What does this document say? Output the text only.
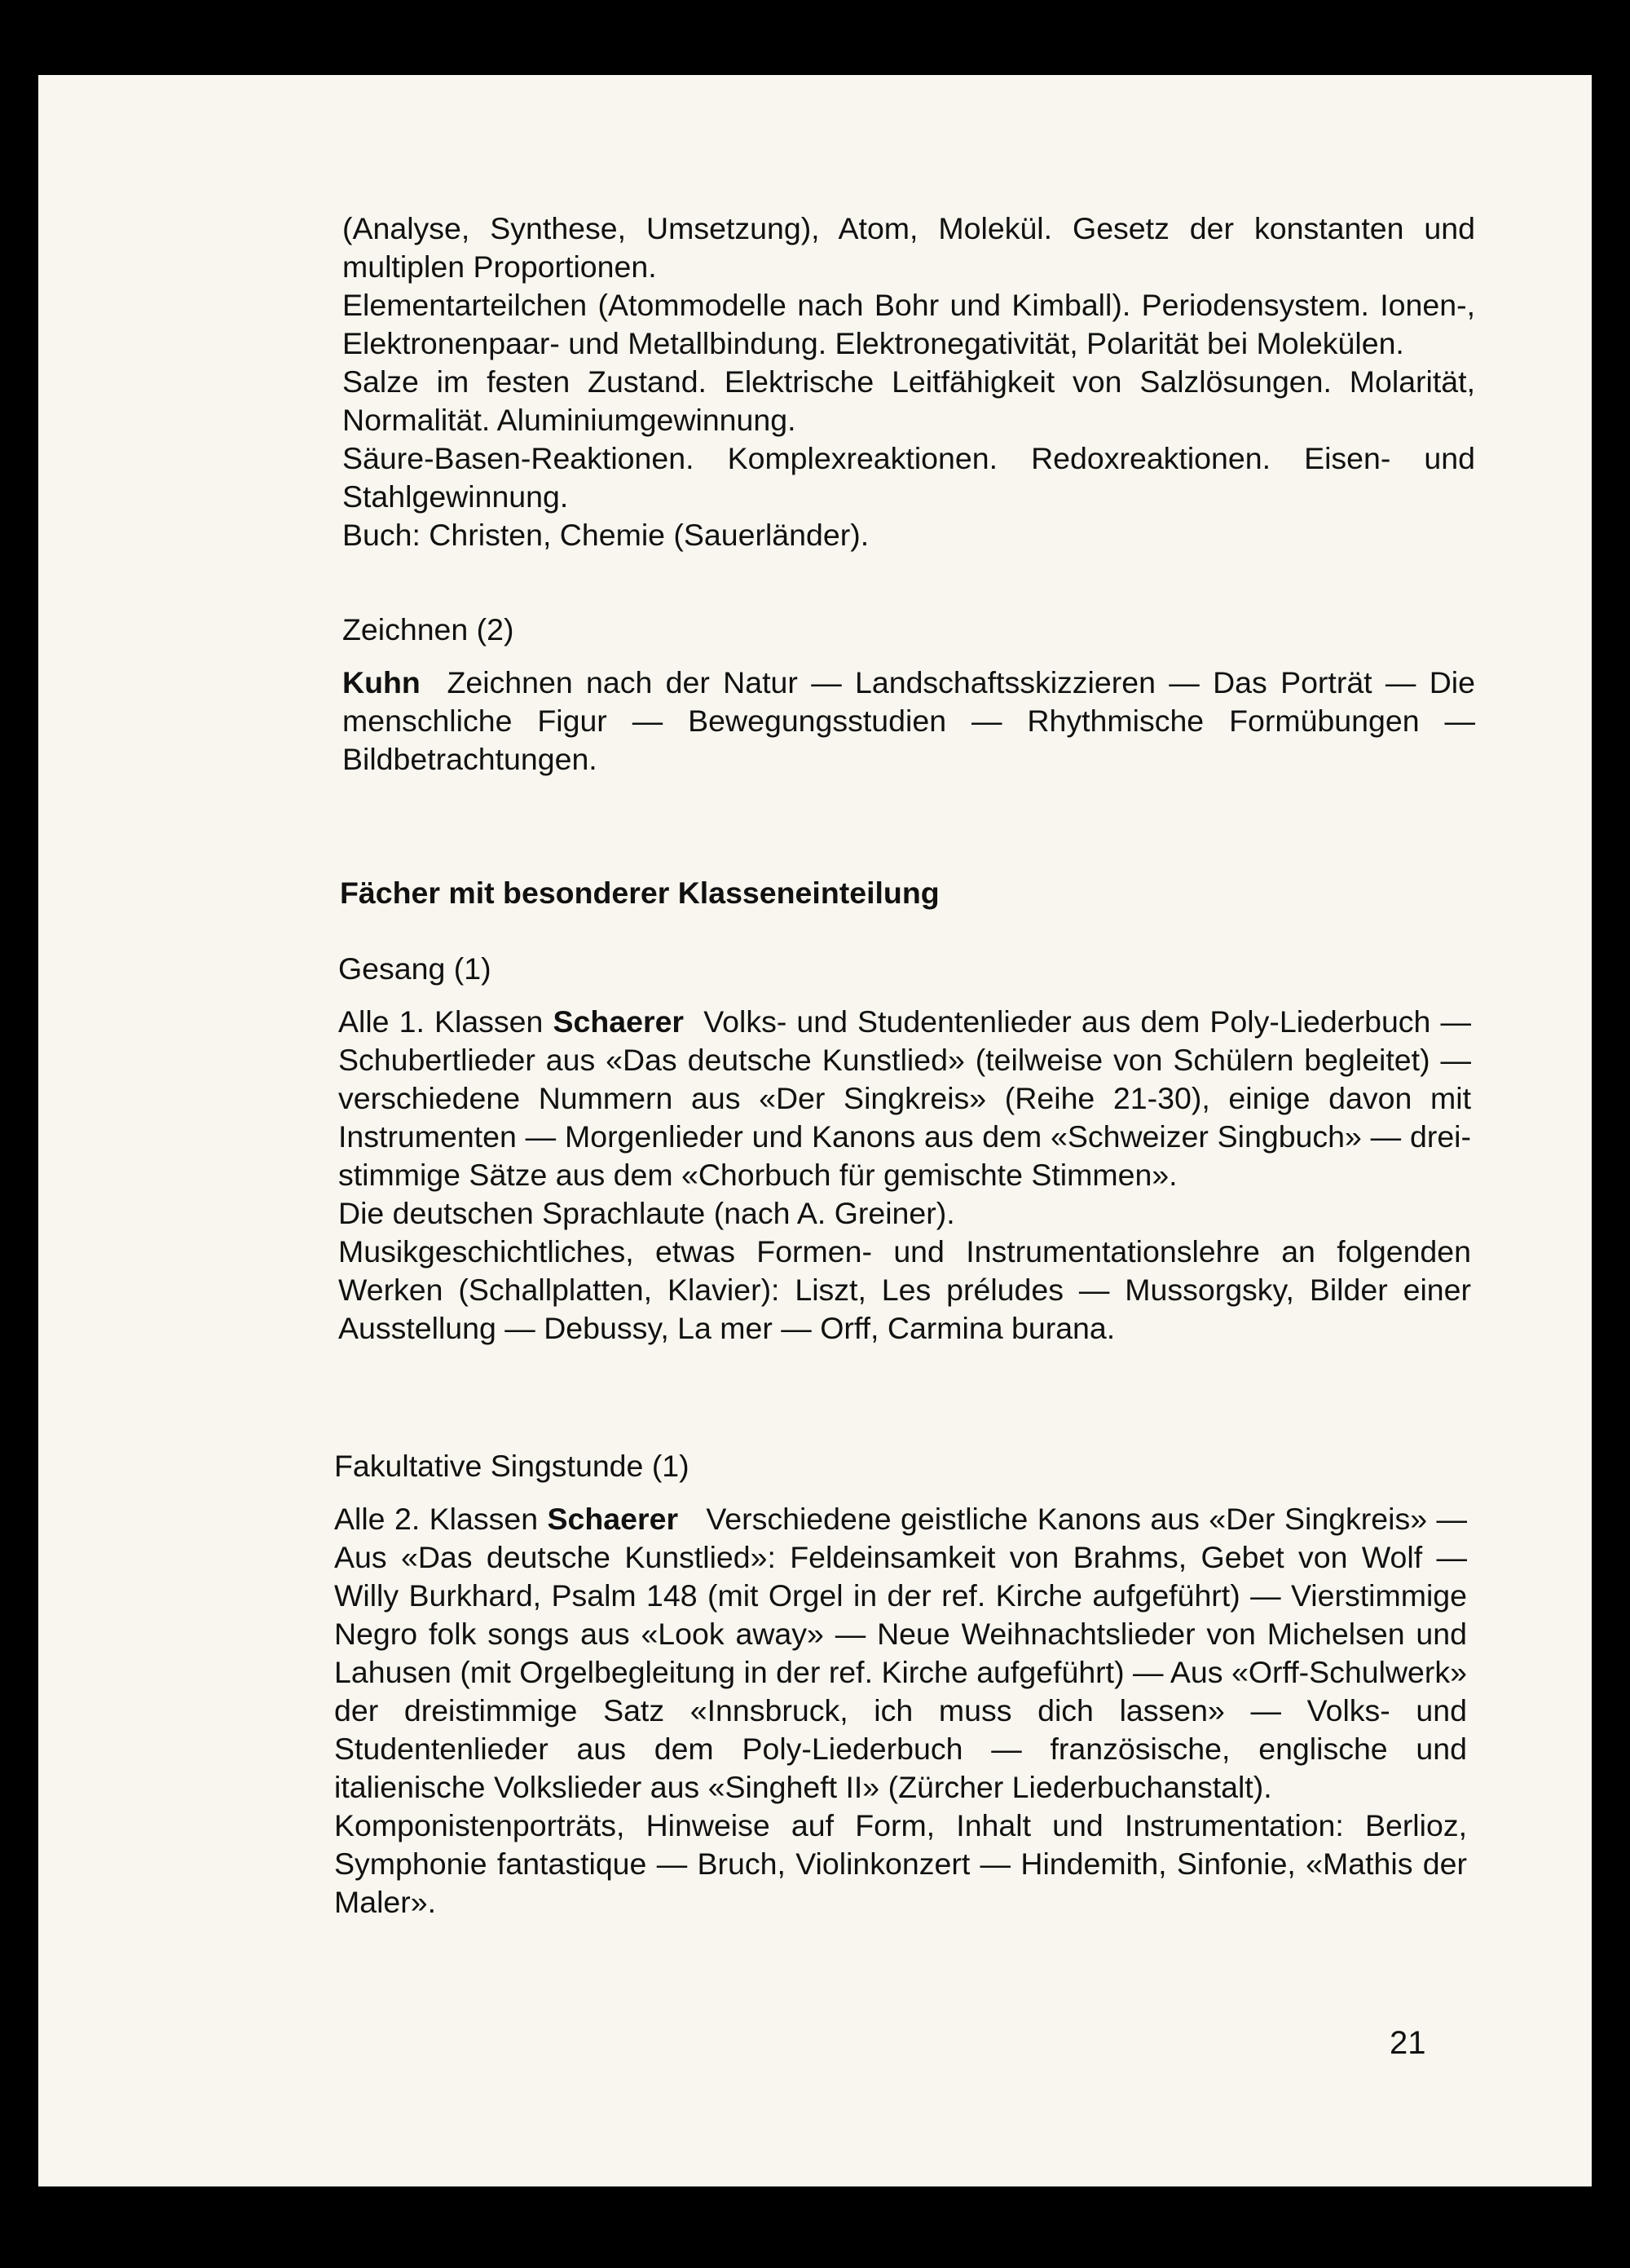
(Analyse, Synthese, Umsetzung), Atom, Molekül. Gesetz der konstanten und multiplen Proportionen.

Elementarteilchen (Atommodelle nach Bohr und Kimball). Periodensystem. Ionen-, Elektronenpaar- und Metallbindung. Elektronegativität, Polarität bei Molekülen.

Salze im festen Zustand. Elektrische Leitfähigkeit von Salzlösungen. Molarität, Normalität. Aluminiumgewinnung.

Säure-Basen-Reaktionen. Komplexreaktionen. Redoxreaktionen. Eisen- und Stahlgewinnung.

Buch: Christen, Chemie (Sauerländer).

Zeichnen (2)

Kuhn Zeichnen nach der Natur — Landschaftsskizzieren — Das Porträt — Die menschliche Figur — Bewegungsstudien — Rhythmische Formübungen — Bildbetrachtungen.

Fächer mit besonderer Klasseneinteilung

Gesang (1)

Alle 1. Klassen Schaerer Volks- und Studentenlieder aus dem Poly-Liederbuch — Schubertlieder aus «Das deutsche Kunstlied» (teilweise von Schülern begleitet) — verschiedene Nummern aus «Der Singkreis» (Reihe 21-30), einige davon mit Instrumenten — Morgenlieder und Kanons aus dem «Schweizer Singbuch» — drei-stimmige Sätze aus dem «Chorbuch für gemischte Stimmen».

Die deutschen Sprachlaute (nach A. Greiner).

Musikgeschichtliches, etwas Formen- und Instrumentationslehre an folgenden Werken (Schallplatten, Klavier): Liszt, Les préludes — Mussorgsky, Bilder einer Ausstellung — Debussy, La mer — Orff, Carmina burana.

Fakultative Singstunde (1)

Alle 2. Klassen Schaerer Verschiedene geistliche Kanons aus «Der Singkreis» — Aus «Das deutsche Kunstlied»: Feldeinsamkeit von Brahms, Gebet von Wolf — Willy Burkhard, Psalm 148 (mit Orgel in der ref. Kirche aufgeführt) — Vierstimmige Negro folk songs aus «Look away» — Neue Weihnachtslieder von Michelsen und Lahusen (mit Orgelbegleitung in der ref. Kirche aufgeführt) — Aus «Orff-Schulwerk» der dreistimmige Satz «Innsbruck, ich muss dich lassen» — Volks- und Studentenlieder aus dem Poly-Liederbuch — französische, englische und italienische Volkslieder aus «Singheft II» (Zürcher Liederbuchanstalt).

Komponistenporträts, Hinweise auf Form, Inhalt und Instrumentation: Berlioz, Symphonie fantastique — Bruch, Violinkonzert — Hindemith, Sinfonie, «Mathis der Maler».

21
